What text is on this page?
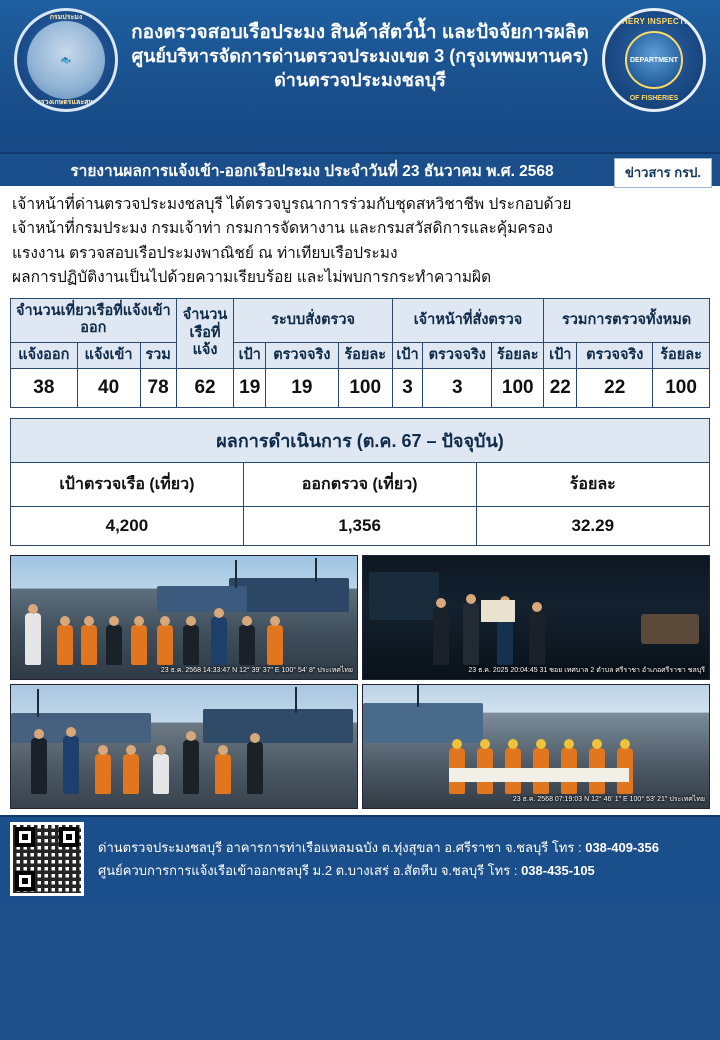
กรมประมง
🐟
กระทรวงเกษตรและสหกรณ์
กองตรวจสอบเรือประมง สินค้าสัตว์น้ำ และปัจจัยการผลิต
ศูนย์บริหารจัดการด่านตรวจประมงเขต 3 (กรุงเทพมหานคร)
ด่านตรวจประมงชลบุรี
FISHERY INSPECTION
DEPARTMENT
OF FISHERIES
รายงานผลการแจ้งเข้า-ออกเรือประมง ประจำวันที่ 23 ธันวาคม พ.ศ. 2568	ข่าวสาร กรป.

เจ้าหน้าที่ด่านตรวจประมงชลบุรี ได้ตรวจบูรณาการร่วมกับชุดสหวิชาชีพ ประกอบด้วย

เจ้าหน้าที่กรมประมง กรมเจ้าท่า กรมการจัดหางาน และกรมสวัสดิการและคุ้มครอง

แรงงาน ตรวจสอบเรือประมงพาณิชย์ ณ ท่าเทียบเรือประมง

ผลการปฏิบัติงานเป็นไปด้วยความเรียบร้อย และไม่พบการกระทำความผิด

จำนวนเที่ยวเรือที่แจ้งเข้าออก			จำนวนเรือที่แจ้ง	ระบบสั่งตรวจ			เจ้าหน้าที่สั่งตรวจ			รวมการตรวจทั้งหมด		
แจ้งออก	แจ้งเข้า	รวม		เป้า	ตรวจจริง	ร้อยละ	เป้า	ตรวจจริง	ร้อยละ	เป้า	ตรวจจริง	ร้อยละ
38	40	78	62	19	19	100	3	3	100	22	22	100
ผลการดำเนินการ (ต.ค. 67 – ปัจจุบัน)		
เป้าตรวจเรือ (เที่ยว)	ออกตรวจ (เที่ยว)	ร้อยละ
4,200	1,356	32.29
23 ธ.ค. 2568 14:33:47 N 12° 39' 37" E 100° 54' 8" ประเทศไทย	23 ธ.ค. 2025 20:04:45 31 ซอย เทศบาล 2 ตำบล ศรีราชา อำเภอศรีราชา ชลบุรี
23 ธ.ค. 2568 07:19:03 N 12° 46' 1" E 100° 53' 21" ประเทศไทย
ด่านตรวจประมงชลบุรี อาคารการท่าเรือแหลมฉบัง ต.ทุ่งสุขลา อ.ศรีราชา จ.ชลบุรี โทร : 038-409-356
ศูนย์ควบการการแจ้งเรือเข้าออกชลบุรี ม.2 ต.บางเสร่ อ.สัตหีบ จ.ชลบุรี โทร : 038-435-105
